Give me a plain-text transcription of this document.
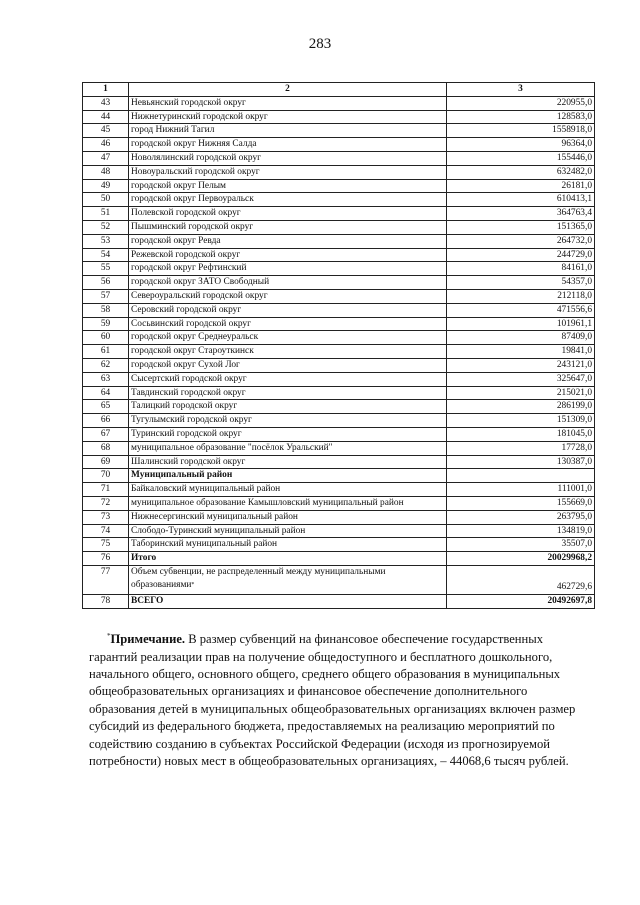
283
1	2	3
43	Невьянский городской округ	220955,0
44	Нижнетуринский городской округ	128583,0
45	город Нижний Тагил	1558918,0
46	городской округ Нижняя Салда	96364,0
47	Новолялинский городской округ	155446,0
48	Новоуральский городской округ	632482,0
49	городской округ Пелым	26181,0
50	городской округ Первоуральск	610413,1
51	Полевской городской округ	364763,4
52	Пышминский городской округ	151365,0
53	городской округ Ревда	264732,0
54	Режевской городской округ	244729,0
55	городской округ Рефтинский	84161,0
56	городской округ ЗАТО Свободный	54357,0
57	Североуральский городской округ	212118,0
58	Серовский городской округ	471556,6
59	Сосьвинский городской округ	101961,1
60	городской округ Среднеуральск	87409,0
61	городской округ Староуткинск	19841,0
62	городской округ Сухой Лог	243121,0
63	Сысертский городской округ	325647,0
64	Тавдинский городской округ	215021,0
65	Талицкий городской округ	286199,0
66	Тугулымский городской округ	151309,0
67	Туринский городской округ	181045,0
68	муниципальное образование "посёлок Уральский"	17728,0
69	Шалинский городской округ	130387,0
70	Муниципальный район	
71	Байкаловский муниципальный район	111001,0
72	муниципальное образование Камышловский муниципальный район	155669,0
73	Нижнесергинский муниципальный район	263795,0
74	Слободо-Туринский муниципальный район	134819,0
75	Таборинский муниципальный район	35507,0
76	Итого	20029968,2
77	Объем субвенции, не распределенный между муниципальными образованиями*	462729,6
78	ВСЕГО	20492697,8
*Примечание. В размер субвенций на финансовое обеспечение государственных гарантий реализации прав на получение общедоступного и бесплатного дошкольного, начального общего, основного общего, среднего общего образования в муниципальных общеобразовательных организациях и финансовое обеспечение дополнительного образования детей в муниципальных общеобразовательных организациях включен размер субсидий из федерального бюджета, предоставляемых на реализацию мероприятий по содействию созданию в субъектах Российской Федерации (исходя из прогнозируемой потребности) новых мест в общеобразовательных организациях, – 44068,6 тысяч рублей.
